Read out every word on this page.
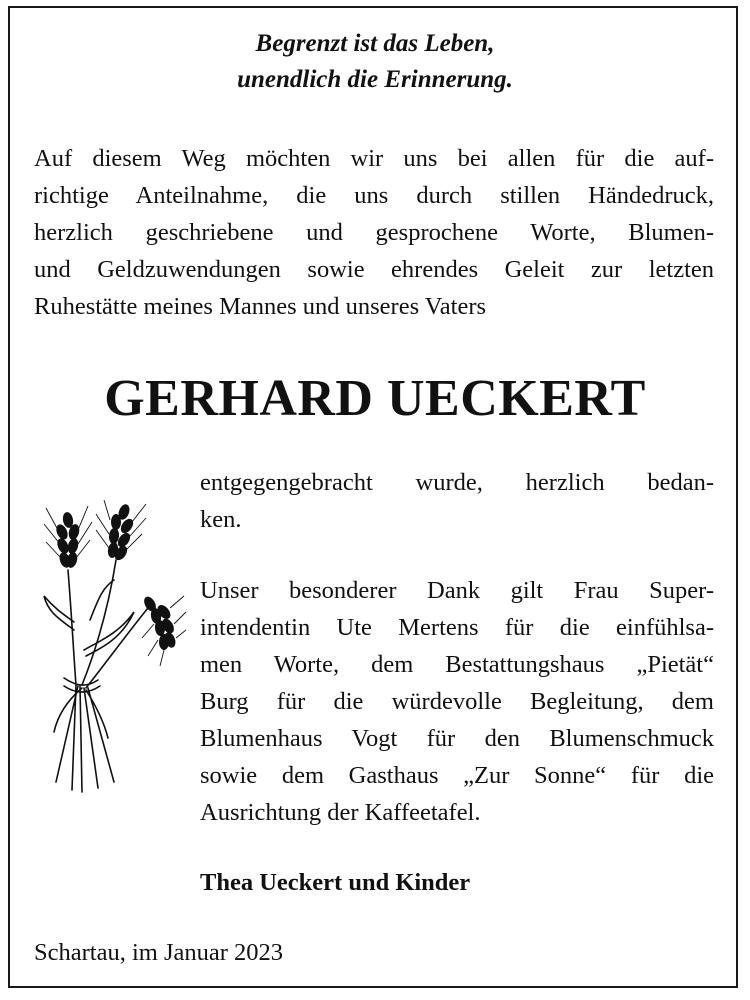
Begrenzt ist das Leben,
unendlich die Erinnerung.
Auf diesem Weg möchten wir uns bei allen für die auf-
richtige Anteilnahme, die uns durch stillen Händedruck,
herzlich geschriebene und gesprochene Worte, Blumen-
und Geldzuwendungen sowie ehrendes Geleit zur letzten
Ruhestätte meines Mannes und unseres Vaters
GERHARD UECKERT
entgegengebracht wurde, herzlich bedan-
ken.
Unser besonderer Dank gilt Frau Super-
intendentin Ute Mertens für die einfühlsa-
men Worte, dem Bestattungshaus „Pietät“
Burg für die würdevolle Begleitung, dem
Blumenhaus Vogt für den Blumenschmuck
sowie dem Gasthaus „Zur Sonne“ für die
Ausrichtung der Kaffeetafel.
Thea Ueckert und Kinder
Schartau, im Januar 2023
